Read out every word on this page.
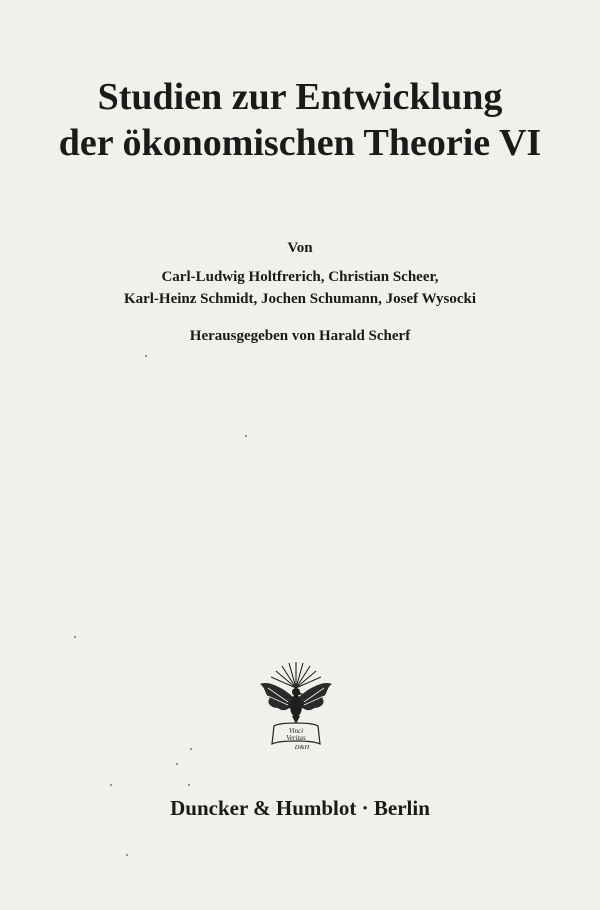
Studien zur Entwicklung
der ökonomischen Theorie VI
Von
Carl-Ludwig Holtfrerich, Christian Scheer,
Karl-Heinz Schmidt, Jochen Schumann, Josef Wysocki
Herausgegeben von Harald Scherf
Vinci
Veritas
D&H
Duncker & Humblot · Berlin
